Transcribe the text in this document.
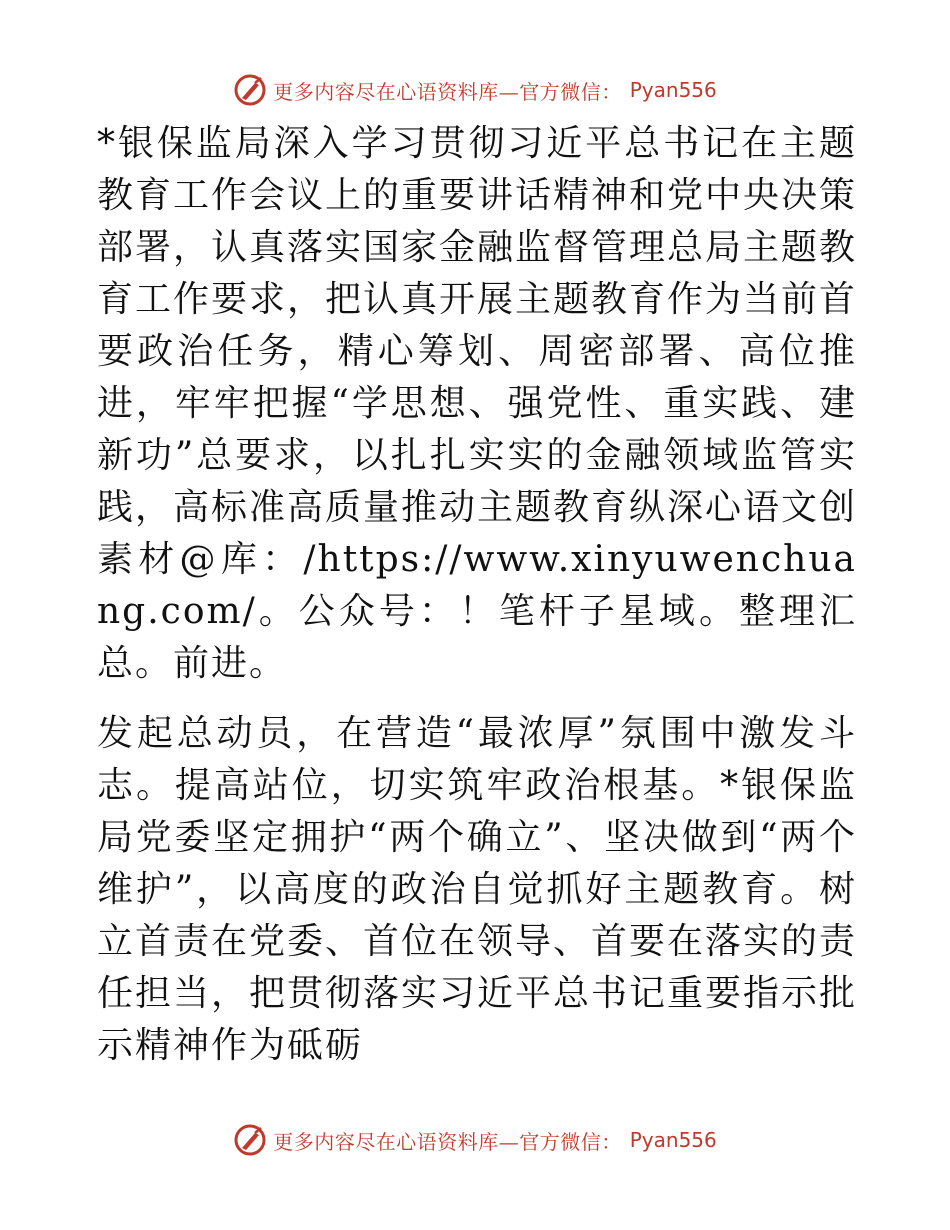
更多内容尽在心语资料库—官方微信： Pyan556

*银保监局深入学习贯彻习近平总书记在主题教育工作会议上的重要讲话精神和党中央决策部署，认真落实国家金融监督管理总局主题教育工作要求，把认真开展主题教育作为当前首要政治任务，精心筹划、周密部署、高位推进，牢牢把握“学思想、强党性、重实践、建新功”总要求，以扎扎实实的金融领域监管实践，高标准高质量推动主题教育纵深心语文创素材@库：/https://www.xinyuwenchuang.com/。公众号：！笔杆子星域。整理汇总。前进。

发起总动员，在营造“最浓厚”氛围中激发斗志。提高站位，切实筑牢政治根基。*银保监局党委坚定拥护“两个确立”、坚决做到“两个维护”，以高度的政治自觉抓好主题教育。树立首责在党委、首位在领导、首要在落实的责任担当，把贯彻落实习近平总书记重要指示批示精神作为砥砺

更多内容尽在心语资料库—官方微信： Pyan556
